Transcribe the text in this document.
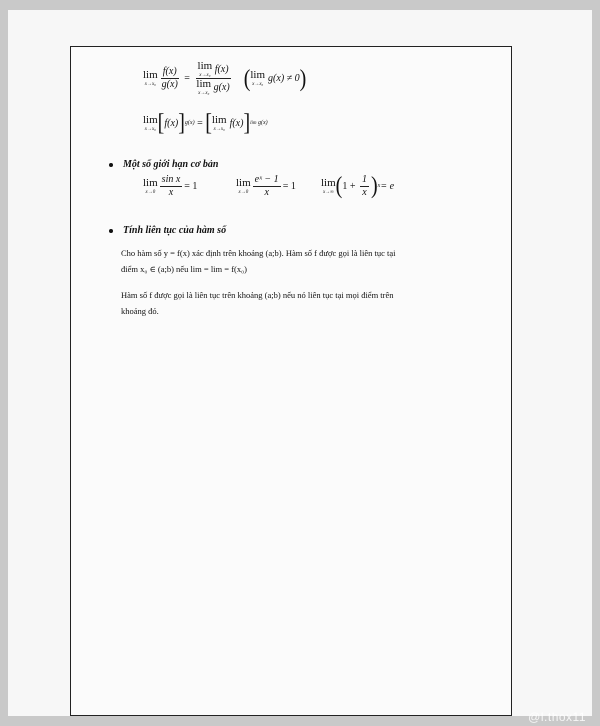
lim
$x\to x_0 \frac{f(x)}{g(x)} = \lim$
x→x₀
f(x)
lim
x→x₀
g(x) ( lim
x→x₀
g(x) ≠ 0 )
lim
x→x₀ [ f(x) ] g(x) = [ lim
x→x₀
f(x) ] lim g(x)
Một số giới hạn cơ bản
lim
$x\to 0 \frac{\text{sin x}}{x} = 1$	lim
$x\to 0 \frac{\text{eˣ − 1}}{x} = 1$ lim
x→∞ ( $1 + \frac{1}{x}$ ) x = e
Tính liên tục của hàm số
Cho hàm số y = f(x) xác định trên khoảng (a;b). Hàm số f được gọi là liên tục tại
điểm x₀ ∈ (a;b) nếu lim = lim = f(x₀)
Hàm số f được gọi là liên tục trên khoảng (a;b) nếu nó liên tục tại mọi điểm trên
khoảng đó.
@l.thox11
